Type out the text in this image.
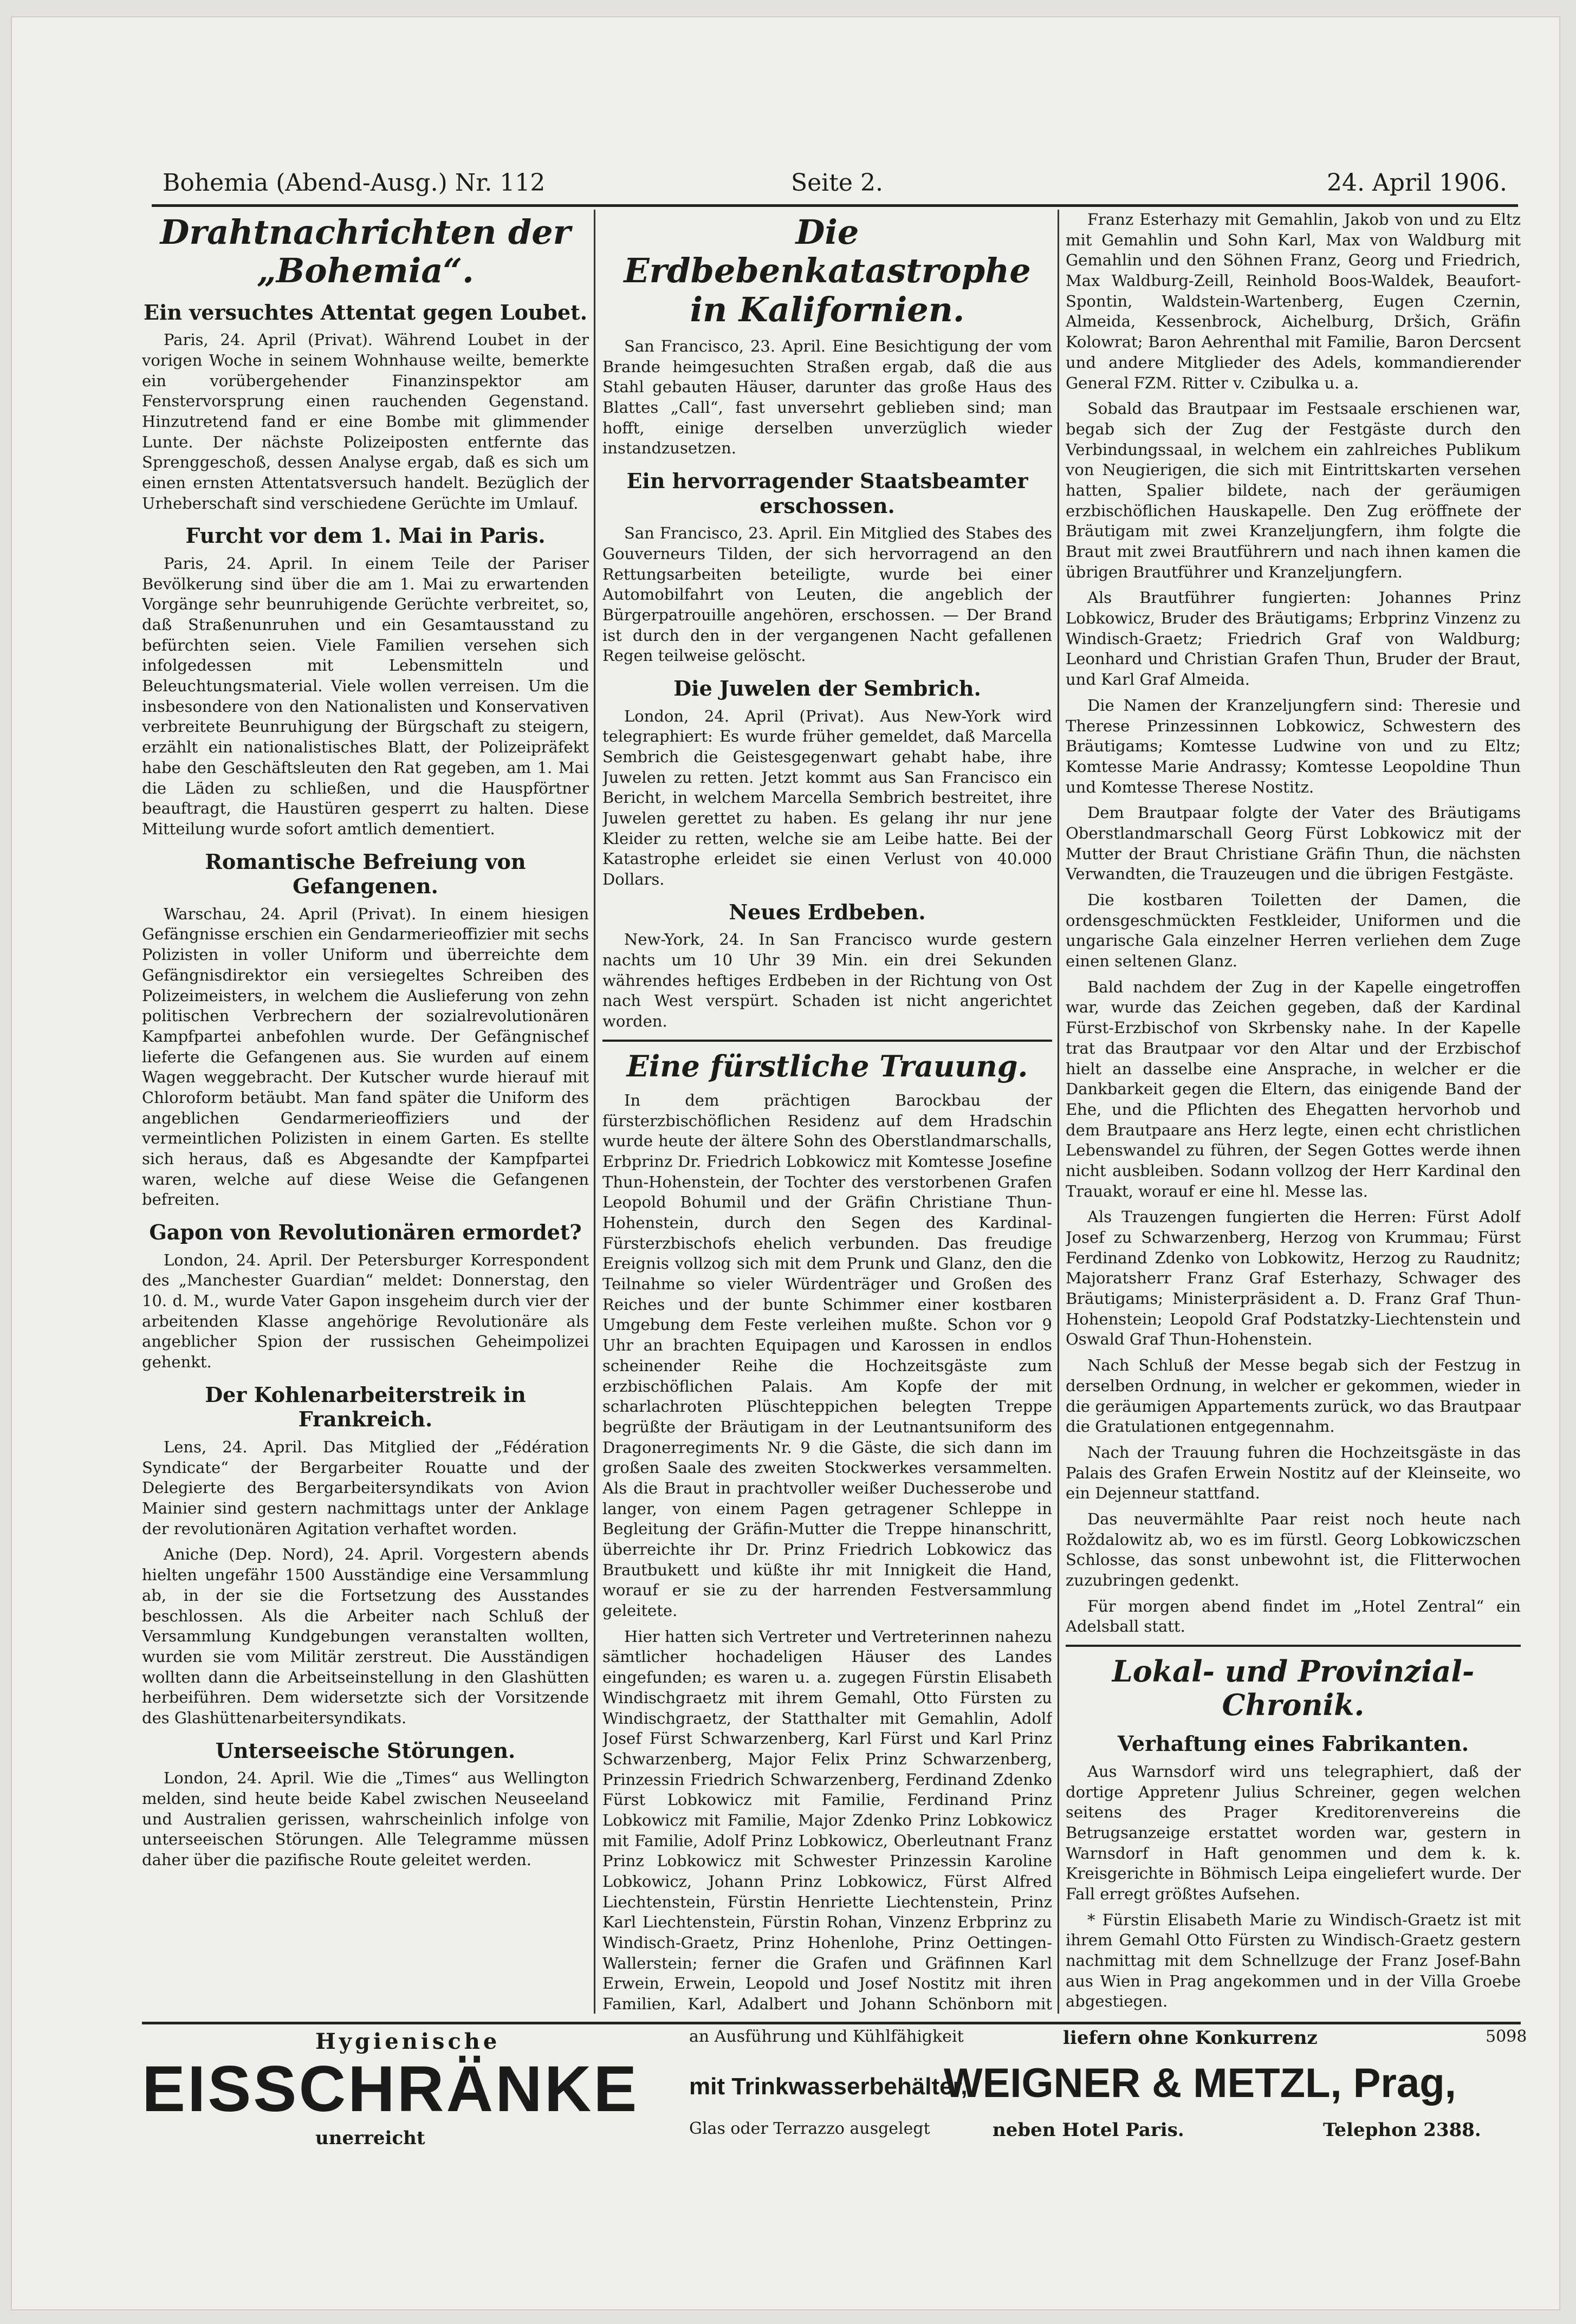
Bohemia (Abend-Ausg.) Nr. 112	Seite 2.	24. April 1906.
Drahtnachrichten der „Bohemia“.
Ein versuchtes Attentat gegen Loubet.

Paris, 24. April (Privat). Während Loubet in der vorigen Woche in seinem Wohnhause weilte, bemerkte ein vorübergehender Finanzinspektor am Fenstervorsprung einen rauchenden Gegenstand. Hinzutretend fand er eine Bombe mit glimmender Lunte. Der nächste Polizeiposten entfernte das Sprenggeschoß, dessen Analyse ergab, daß es sich um einen ernsten Attentatsversuch handelt. Bezüglich der Urheberschaft sind verschiedene Gerüchte im Umlauf.

Furcht vor dem 1. Mai in Paris.

Paris, 24. April. In einem Teile der Pariser Bevölkerung sind über die am 1. Mai zu erwartenden Vorgänge sehr beunruhigende Gerüchte verbreitet, so, daß Straßenunruhen und ein Gesamtausstand zu befürchten seien. Viele Familien versehen sich infolgedessen mit Lebensmitteln und Beleuchtungsmaterial. Viele wollen verreisen. Um die insbesondere von den Nationalisten und Konservativen verbreitete Beunruhigung der Bürgschaft zu steigern, erzählt ein nationalistisches Blatt, der Polizeipräfekt habe den Geschäftsleuten den Rat gegeben, am 1. Mai die Läden zu schließen, und die Hauspförtner beauftragt, die Haustüren gesperrt zu halten. Diese Mitteilung wurde sofort amtlich dementiert.

Romantische Befreiung von Gefangenen.

Warschau, 24. April (Privat). In einem hiesigen Gefängnisse erschien ein Gendarmerieoffizier mit sechs Polizisten in voller Uniform und überreichte dem Gefängnisdirektor ein versiegeltes Schreiben des Polizeimeisters, in welchem die Auslieferung von zehn politischen Verbrechern der sozialrevolutionären Kampfpartei anbefohlen wurde. Der Gefängnischef lieferte die Gefangenen aus. Sie wurden auf einem Wagen weggebracht. Der Kutscher wurde hierauf mit Chloroform betäubt. Man fand später die Uniform des angeblichen Gendarmerieoffiziers und der vermeintlichen Polizisten in einem Garten. Es stellte sich heraus, daß es Abgesandte der Kampfpartei waren, welche auf diese Weise die Gefangenen befreiten.

Gapon von Revolutionären ermordet?

London, 24. April. Der Petersburger Korrespondent des „Manchester Guardian“ meldet: Donnerstag, den 10. d. M., wurde Vater Gapon insgeheim durch vier der arbeitenden Klasse angehörige Revolutionäre als angeblicher Spion der russischen Geheimpolizei gehenkt.

Der Kohlenarbeiterstreik in Frankreich.

Lens, 24. April. Das Mitglied der „Fédération Syndicate“ der Bergarbeiter Rouatte und der Delegierte des Bergarbeitersyndikats von Avion Mainier sind gestern nachmittags unter der Anklage der revolutionären Agitation verhaftet worden.

Aniche (Dep. Nord), 24. April. Vorgestern abends hielten ungefähr 1500 Ausständige eine Versammlung ab, in der sie die Fortsetzung des Ausstandes beschlossen. Als die Arbeiter nach Schluß der Versammlung Kundgebungen veranstalten wollten, wurden sie vom Militär zerstreut. Die Ausständigen wollten dann die Arbeitseinstellung in den Glashütten herbeiführen. Dem widersetzte sich der Vorsitzende des Glashüttenarbeitersyndikats.

Unterseeische Störungen.

London, 24. April. Wie die „Times“ aus Wellington melden, sind heute beide Kabel zwischen Neuseeland und Australien gerissen, wahrscheinlich infolge von unterseeischen Störungen. Alle Telegramme müssen daher über die pazifische Route geleitet werden.

Die Erdbebenkatastrophe in Kalifornien.

San Francisco, 23. April. Eine Besichtigung der vom Brande heimgesuchten Straßen ergab, daß die aus Stahl gebauten Häuser, darunter das große Haus des Blattes „Call“, fast unversehrt geblieben sind; man hofft, einige derselben unverzüglich wieder instandzusetzen.

Ein hervorragender Staatsbeamter erschossen.

San Francisco, 23. April. Ein Mitglied des Stabes des Gouverneurs Tilden, der sich hervorragend an den Rettungsarbeiten beteiligte, wurde bei einer Automobilfahrt von Leuten, die angeblich der Bürgerpatrouille angehören, erschossen. — Der Brand ist durch den in der vergangenen Nacht gefallenen Regen teilweise gelöscht.

Die Juwelen der Sembrich.

London, 24. April (Privat). Aus New-York wird telegraphiert: Es wurde früher gemeldet, daß Marcella Sembrich die Geistesgegenwart gehabt habe, ihre Juwelen zu retten. Jetzt kommt aus San Francisco ein Bericht, in welchem Marcella Sembrich bestreitet, ihre Juwelen gerettet zu haben. Es gelang ihr nur jene Kleider zu retten, welche sie am Leibe hatte. Bei der Katastrophe erleidet sie einen Verlust von 40.000 Dollars.

Neues Erdbeben.

New-York, 24. In San Francisco wurde gestern nachts um 10 Uhr 39 Min. ein drei Sekunden währendes heftiges Erdbeben in der Richtung von Ost nach West verspürt. Schaden ist nicht angerichtet worden.

Eine fürstliche Trauung.

In dem prächtigen Barockbau der fürsterzbischöflichen Residenz auf dem Hradschin wurde heute der ältere Sohn des Oberstlandmarschalls, Erbprinz Dr. Friedrich Lobkowicz mit Komtesse Josefine Thun-Hohenstein, der Tochter des verstorbenen Grafen Leopold Bohumil und der Gräfin Christiane Thun-Hohenstein, durch den Segen des Kardinal-Fürsterzbischofs ehelich verbunden. Das freudige Ereignis vollzog sich mit dem Prunk und Glanz, den die Teilnahme so vieler Würdenträger und Großen des Reiches und der bunte Schimmer einer kostbaren Umgebung dem Feste verleihen mußte. Schon vor 9 Uhr an brachten Equipagen und Karossen in endlos scheinender Reihe die Hochzeitsgäste zum erzbischöflichen Palais. Am Kopfe der mit scharlachroten Plüschteppichen belegten Treppe begrüßte der Bräutigam in der Leutnantsuniform des Dragonerregiments Nr. 9 die Gäste, die sich dann im großen Saale des zweiten Stockwerkes versammelten. Als die Braut in prachtvoller weißer Duchesserobe und langer, von einem Pagen getragener Schleppe in Begleitung der Gräfin-Mutter die Treppe hinanschritt, überreichte ihr Dr. Prinz Friedrich Lobkowicz das Brautbukett und küßte ihr mit Innigkeit die Hand, worauf er sie zu der harrenden Festversammlung geleitete.

Hier hatten sich Vertreter und Vertreterinnen nahezu sämtlicher hochadeligen Häuser des Landes eingefunden; es waren u. a. zugegen Fürstin Elisabeth Windischgraetz mit ihrem Gemahl, Otto Fürsten zu Windischgraetz, der Statthalter mit Gemahlin, Adolf Josef Fürst Schwarzenberg, Karl Fürst und Karl Prinz Schwarzenberg, Major Felix Prinz Schwarzenberg, Prinzessin Friedrich Schwarzenberg, Ferdinand Zdenko Fürst Lobkowicz mit Familie, Ferdinand Prinz Lobkowicz mit Familie, Major Zdenko Prinz Lobkowicz mit Familie, Adolf Prinz Lobkowicz, Oberleutnant Franz Prinz Lobkowicz mit Schwester Prinzessin Karoline Lobkowicz, Johann Prinz Lobkowicz, Fürst Alfred Liechtenstein, Fürstin Henriette Liechtenstein, Prinz Karl Liechtenstein, Fürstin Rohan, Vinzenz Erbprinz zu Windisch-Graetz, Prinz Hohenlohe, Prinz Oettingen-Wallerstein; ferner die Grafen und Gräfinnen Karl Erwein, Erwein, Leopold und Josef Nostitz mit ihren Familien, Karl, Adalbert und Johann Schönborn mit

Franz Esterhazy mit Gemahlin, Jakob von und zu Eltz mit Gemahlin und Sohn Karl, Max von Waldburg mit Gemahlin und den Söhnen Franz, Georg und Friedrich, Max Waldburg-Zeill, Reinhold Boos-Waldek, Beaufort-Spontin, Waldstein-Wartenberg, Eugen Czernin, Almeida, Kessenbrock, Aichelburg, Dršich, Gräfin Kolowrat; Baron Aehrenthal mit Familie, Baron Dercsent und andere Mitglieder des Adels, kommandierender General FZM. Ritter v. Czibulka u. a.

Sobald das Brautpaar im Festsaale erschienen war, begab sich der Zug der Festgäste durch den Verbindungssaal, in welchem ein zahlreiches Publikum von Neugierigen, die sich mit Eintrittskarten versehen hatten, Spalier bildete, nach der geräumigen erzbischöflichen Hauskapelle. Den Zug eröffnete der Bräutigam mit zwei Kranzeljungfern, ihm folgte die Braut mit zwei Brautführern und nach ihnen kamen die übrigen Brautführer und Kranzeljungfern.

Als Brautführer fungierten: Johannes Prinz Lobkowicz, Bruder des Bräutigams; Erbprinz Vinzenz zu Windisch-Graetz; Friedrich Graf von Waldburg; Leonhard und Christian Grafen Thun, Bruder der Braut, und Karl Graf Almeida.

Die Namen der Kranzeljungfern sind: Theresie und Therese Prinzessinnen Lobkowicz, Schwestern des Bräutigams; Komtesse Ludwine von und zu Eltz; Komtesse Marie Andrassy; Komtesse Leopoldine Thun und Komtesse Therese Nostitz.

Dem Brautpaar folgte der Vater des Bräutigams Oberstlandmarschall Georg Fürst Lobkowicz mit der Mutter der Braut Christiane Gräfin Thun, die nächsten Verwandten, die Trauzeugen und die übrigen Festgäste.

Die kostbaren Toiletten der Damen, die ordensgeschmückten Festkleider, Uniformen und die ungarische Gala einzelner Herren verliehen dem Zuge einen seltenen Glanz.

Bald nachdem der Zug in der Kapelle eingetroffen war, wurde das Zeichen gegeben, daß der Kardinal Fürst-Erzbischof von Skrbensky nahe. In der Kapelle trat das Brautpaar vor den Altar und der Erzbischof hielt an dasselbe eine Ansprache, in welcher er die Dankbarkeit gegen die Eltern, das einigende Band der Ehe, und die Pflichten des Ehegatten hervorhob und dem Brautpaare ans Herz legte, einen echt christlichen Lebenswandel zu führen, der Segen Gottes werde ihnen nicht ausbleiben. Sodann vollzog der Herr Kardinal den Trauakt, worauf er eine hl. Messe las.

Als Trauzengen fungierten die Herren: Fürst Adolf Josef zu Schwarzenberg, Herzog von Krummau; Fürst Ferdinand Zdenko von Lobkowitz, Herzog zu Raudnitz; Majoratsherr Franz Graf Esterhazy, Schwager des Bräutigams; Ministerpräsident a. D. Franz Graf Thun-Hohenstein; Leopold Graf Podstatzky-Liechtenstein und Oswald Graf Thun-Hohenstein.

Nach Schluß der Messe begab sich der Festzug in derselben Ordnung, in welcher er gekommen, wieder in die geräumigen Appartements zurück, wo das Brautpaar die Gratulationen entgegennahm.

Nach der Trauung fuhren die Hochzeitsgäste in das Palais des Grafen Erwein Nostitz auf der Kleinseite, wo ein Dejenneur stattfand.

Das neuvermählte Paar reist noch heute nach Roždalowitz ab, wo es im fürstl. Georg Lobkowiczschen Schlosse, das sonst unbewohnt ist, die Flitterwochen zuzubringen gedenkt.

Für morgen abend findet im „Hotel Zentral“ ein Adelsball statt.

Lokal- und Provinzial-Chronik.
Verhaftung eines Fabrikanten.

Aus Warnsdorf wird uns telegraphiert, daß der dortige Appretenr Julius Schreiner, gegen welchen seitens des Prager Kreditorenvereins die Betrugsanzeige erstattet worden war, gestern in Warnsdorf in Haft genommen und dem k. k. Kreisgerichte in Böhmisch Leipa eingeliefert wurde. Der Fall erregt größtes Aufsehen.

* Fürstin Elisabeth Marie zu Windisch-Graetz ist mit ihrem Gemahl Otto Fürsten zu Windisch-Graetz gestern nachmittag mit dem Schnellzuge der Franz Josef-Bahn aus Wien in Prag angekommen und in der Villa Groebe abgestiegen.

Hygienische
EISSCHRÄNKE
unerreicht
an Ausführung und Kühlfähigkeit
mit Trinkwasserbehälter,
Glas oder Terrazzo ausgelegt
liefern ohne Konkurrenz	5098
WEIGNER & METZL, Prag,
neben Hotel Paris.	Telephon 2388.
